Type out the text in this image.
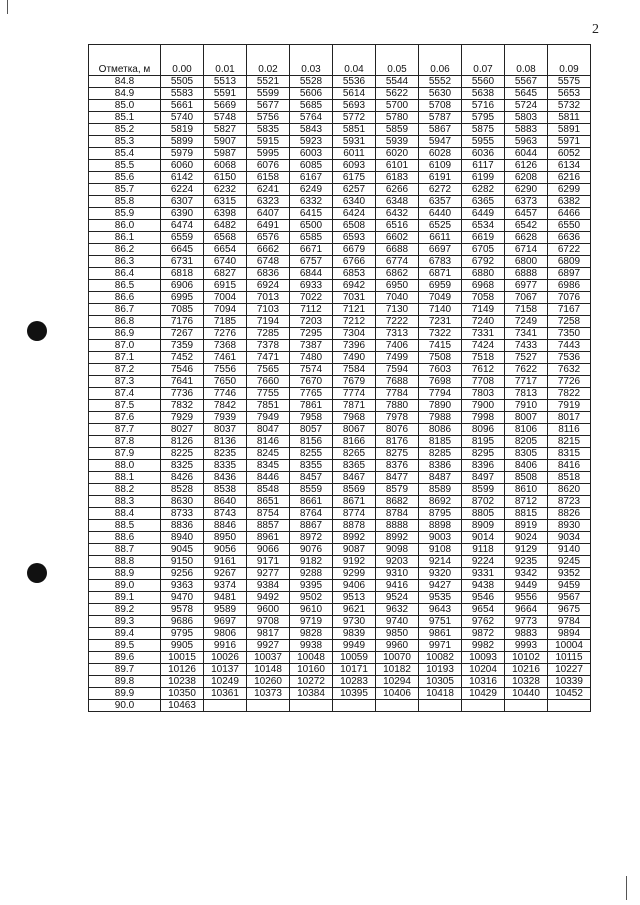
2
Отметка, м	0.00	0.01	0.02	0.03	0.04	0.05	0.06	0.07	0.08	0.09
84.8	5505	5513	5521	5528	5536	5544	5552	5560	5567	5575
84.9	5583	5591	5599	5606	5614	5622	5630	5638	5645	5653
85.0	5661	5669	5677	5685	5693	5700	5708	5716	5724	5732
85.1	5740	5748	5756	5764	5772	5780	5787	5795	5803	5811
85.2	5819	5827	5835	5843	5851	5859	5867	5875	5883	5891
85.3	5899	5907	5915	5923	5931	5939	5947	5955	5963	5971
85.4	5979	5987	5995	6003	6011	6020	6028	6036	6044	6052
85.5	6060	6068	6076	6085	6093	6101	6109	6117	6126	6134
85.6	6142	6150	6158	6167	6175	6183	6191	6199	6208	6216
85.7	6224	6232	6241	6249	6257	6266	6272	6282	6290	6299
85.8	6307	6315	6323	6332	6340	6348	6357	6365	6373	6382
85.9	6390	6398	6407	6415	6424	6432	6440	6449	6457	6466
86.0	6474	6482	6491	6500	6508	6516	6525	6534	6542	6550
86.1	6559	6568	6576	6585	6593	6602	6611	6619	6628	6636
86.2	6645	6654	6662	6671	6679	6688	6697	6705	6714	6722
86.3	6731	6740	6748	6757	6766	6774	6783	6792	6800	6809
86.4	6818	6827	6836	6844	6853	6862	6871	6880	6888	6897
86.5	6906	6915	6924	6933	6942	6950	6959	6968	6977	6986
86.6	6995	7004	7013	7022	7031	7040	7049	7058	7067	7076
86.7	7085	7094	7103	7112	7121	7130	7140	7149	7158	7167
86.8	7176	7185	7194	7203	7212	7222	7231	7240	7249	7258
86.9	7267	7276	7285	7295	7304	7313	7322	7331	7341	7350
87.0	7359	7368	7378	7387	7396	7406	7415	7424	7433	7443
87.1	7452	7461	7471	7480	7490	7499	7508	7518	7527	7536
87.2	7546	7556	7565	7574	7584	7594	7603	7612	7622	7632
87.3	7641	7650	7660	7670	7679	7688	7698	7708	7717	7726
87.4	7736	7746	7755	7765	7774	7784	7794	7803	7813	7822
87.5	7832	7842	7851	7861	7871	7880	7890	7900	7910	7919
87.6	7929	7939	7949	7958	7968	7978	7988	7998	8007	8017
87.7	8027	8037	8047	8057	8067	8076	8086	8096	8106	8116
87.8	8126	8136	8146	8156	8166	8176	8185	8195	8205	8215
87.9	8225	8235	8245	8255	8265	8275	8285	8295	8305	8315
88.0	8325	8335	8345	8355	8365	8376	8386	8396	8406	8416
88.1	8426	8436	8446	8457	8467	8477	8487	8497	8508	8518
88.2	8528	8538	8548	8559	8569	8579	8589	8599	8610	8620
88.3	8630	8640	8651	8661	8671	8682	8692	8702	8712	8723
88.4	8733	8743	8754	8764	8774	8784	8795	8805	8815	8826
88.5	8836	8846	8857	8867	8878	8888	8898	8909	8919	8930
88.6	8940	8950	8961	8972	8992	8992	9003	9014	9024	9034
88.7	9045	9056	9066	9076	9087	9098	9108	9118	9129	9140
88.8	9150	9161	9171	9182	9192	9203	9214	9224	9235	9245
88.9	9256	9267	9277	9288	9299	9310	9320	9331	9342	9352
89.0	9363	9374	9384	9395	9406	9416	9427	9438	9449	9459
89.1	9470	9481	9492	9502	9513	9524	9535	9546	9556	9567
89.2	9578	9589	9600	9610	9621	9632	9643	9654	9664	9675
89.3	9686	9697	9708	9719	9730	9740	9751	9762	9773	9784
89.4	9795	9806	9817	9828	9839	9850	9861	9872	9883	9894
89.5	9905	9916	9927	9938	9949	9960	9971	9982	9993	10004
89.6	10015	10026	10037	10048	10059	10070	10082	10093	10102	10115
89.7	10126	10137	10148	10160	10171	10182	10193	10204	10216	10227
89.8	10238	10249	10260	10272	10283	10294	10305	10316	10328	10339
89.9	10350	10361	10373	10384	10395	10406	10418	10429	10440	10452
90.0	10463									
